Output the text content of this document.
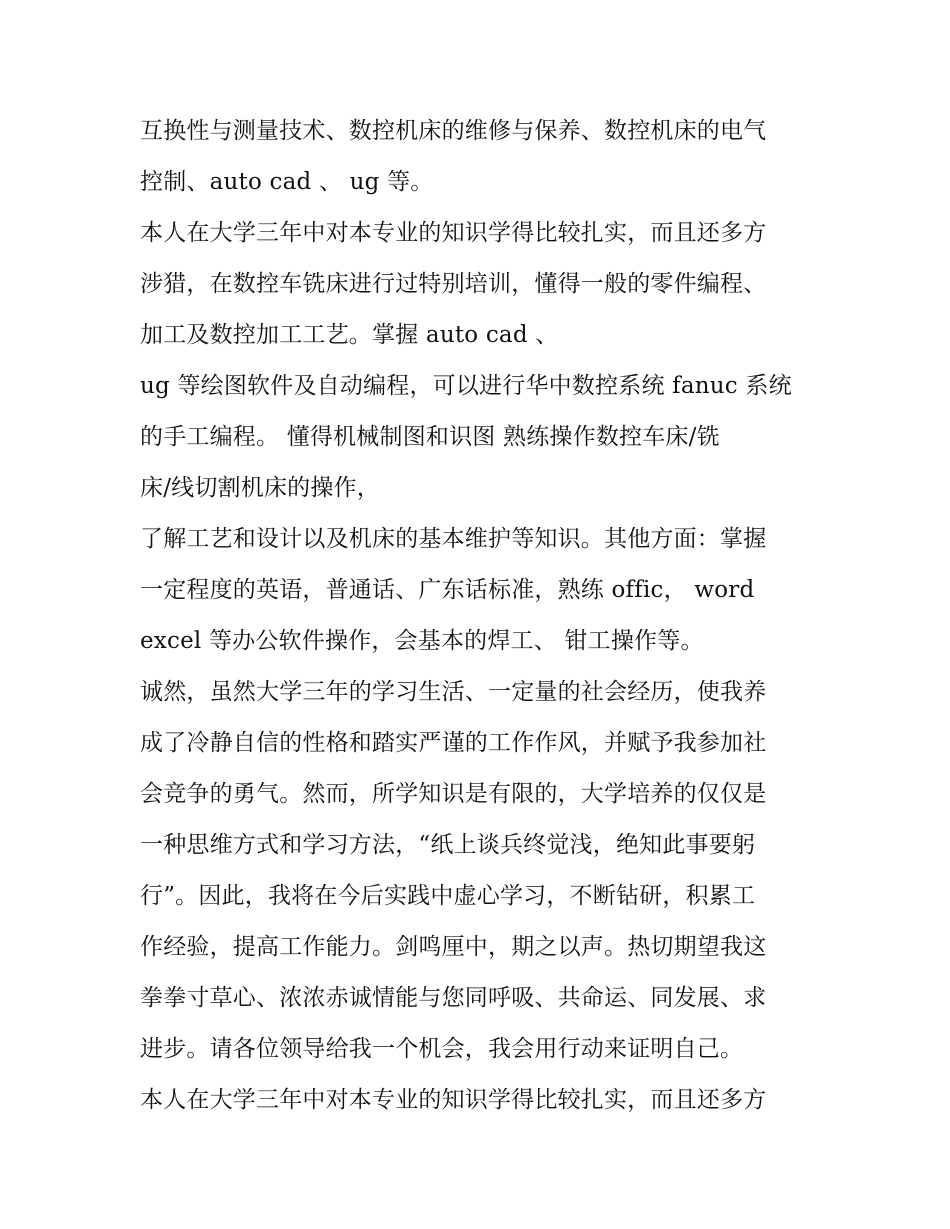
互换性与测量技术、数控机床的维修与保养、数控机床的电气
控制、auto cad 、 ug 等。
本人在大学三年中对本专业的知识学得比较扎实，而且还多方
涉猎，在数控车铣床进行过特别培训，懂得一般的零件编程、
加工及数控加工工艺。掌握 auto cad 、
ug 等绘图软件及自动编程，可以进行华中数控系统 fanuc 系统
的手工编程。 懂得机械制图和识图 熟练操作数控车床/铣
床/线切割机床的操作，
了解工艺和设计以及机床的基本维护等知识。其他方面：掌握
一定程度的英语，普通话、广东话标准，熟练 offic， word
excel 等办公软件操作，会基本的焊工、 钳工操作等。
诚然，虽然大学三年的学习生活、一定量的社会经历，使我养
成了冷静自信的性格和踏实严谨的工作作风，并赋予我参加社
会竞争的勇气。然而，所学知识是有限的，大学培养的仅仅是
一种思维方式和学习方法，“纸上谈兵终觉浅，绝知此事要躬
行”。因此，我将在今后实践中虚心学习，不断钻研，积累工
作经验，提高工作能力。剑鸣厘中，期之以声。热切期望我这
拳拳寸草心、浓浓赤诚情能与您同呼吸、共命运、同发展、求
进步。请各位领导给我一个机会，我会用行动来证明自己。
本人在大学三年中对本专业的知识学得比较扎实，而且还多方
